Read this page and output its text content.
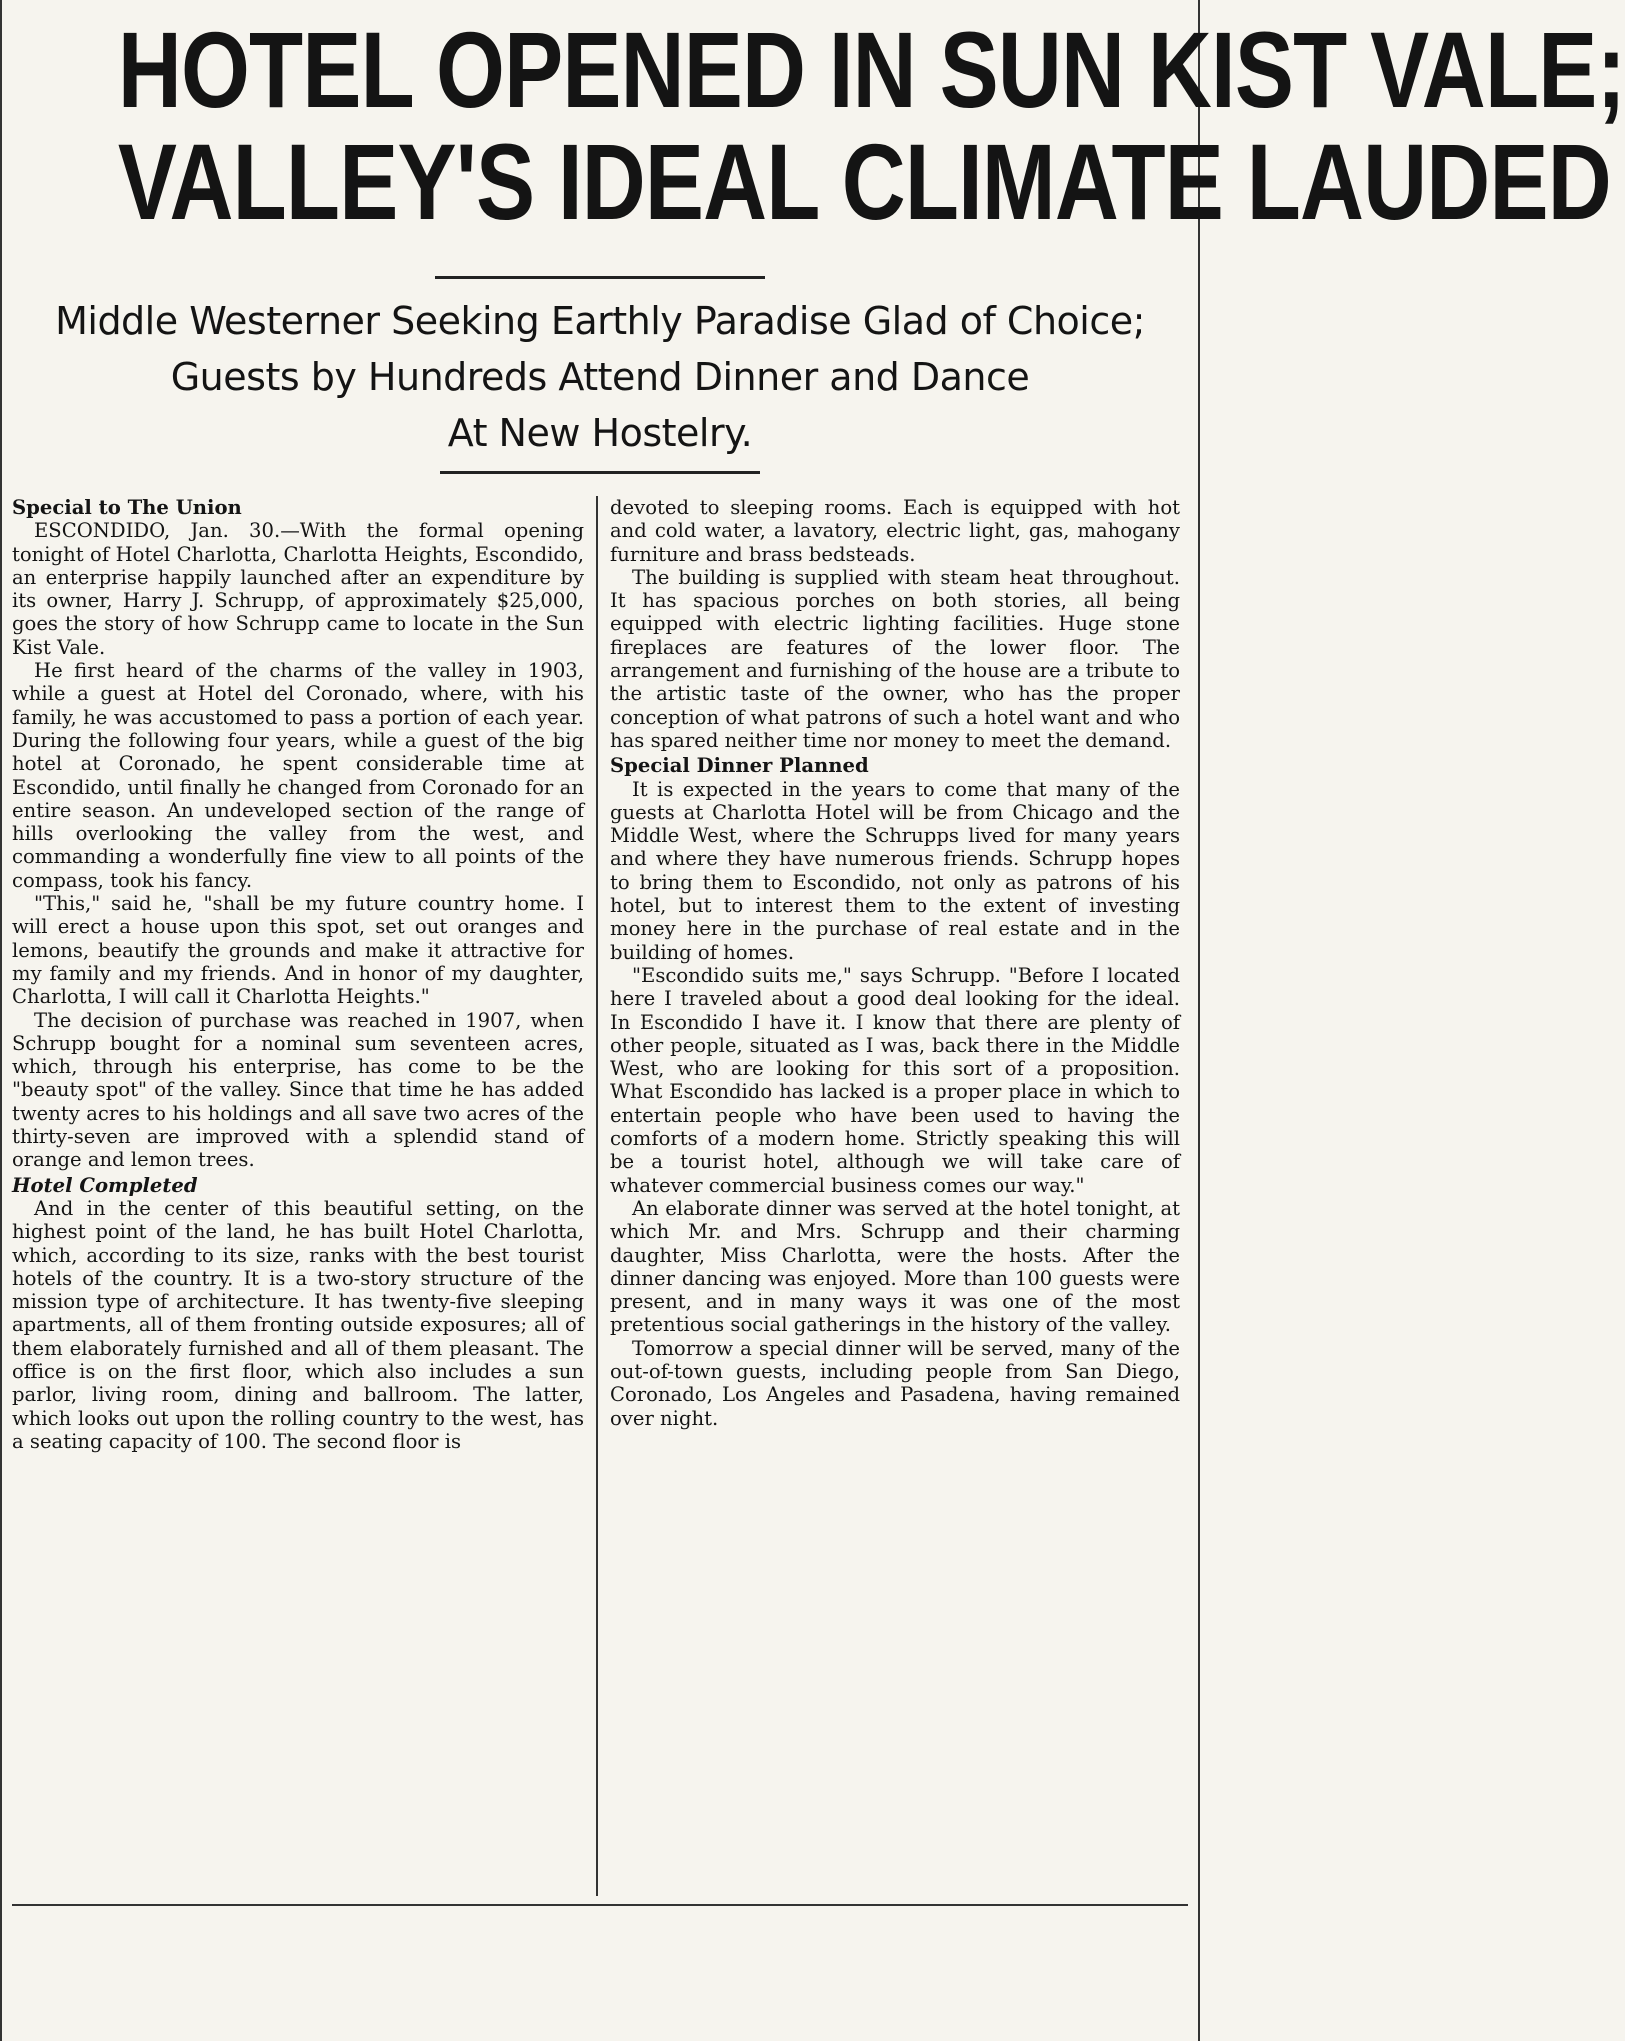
HOTEL OPENED IN SUN KIST VALE;
VALLEY'S IDEAL CLIMATE LAUDED
Middle Westerner Seeking Earthly Paradise Glad of Choice;
Guests by Hundreds Attend Dinner and Dance
At New Hostelry.

Special to The Union

ESCONDIDO, Jan. 30.—With the formal opening tonight of Hotel Charlotta, Charlotta Heights, Escondido, an enterprise happily launched after an expenditure by its owner, Harry J. Schrupp, of approximately $25,000, goes the story of how Schrupp came to locate in the Sun Kist Vale.

He first heard of the charms of the valley in 1903, while a guest at Hotel del Coronado, where, with his family, he was accustomed to pass a portion of each year. During the following four years, while a guest of the big hotel at Coronado, he spent considerable time at Escondido, until finally he changed from Coronado for an entire season. An undeveloped section of the range of hills overlooking the valley from the west, and commanding a wonderfully fine view to all points of the compass, took his fancy.

"This," said he, "shall be my future country home. I will erect a house upon this spot, set out oranges and lemons, beautify the grounds and make it attractive for my family and my friends. And in honor of my daughter, Charlotta, I will call it Charlotta Heights."

The decision of purchase was reached in 1907, when Schrupp bought for a nominal sum seventeen acres, which, through his enterprise, has come to be the "beauty spot" of the valley. Since that time he has added twenty acres to his holdings and all save two acres of the thirty-seven are improved with a splendid stand of orange and lemon trees.

Hotel Completed

And in the center of this beautiful setting, on the highest point of the land, he has built Hotel Charlotta, which, according to its size, ranks with the best tourist hotels of the country. It is a two-story structure of the mission type of architecture. It has twenty-five sleeping apartments, all of them fronting outside exposures; all of them elaborately furnished and all of them pleasant. The office is on the first floor, which also includes a sun parlor, living room, dining and ballroom. The latter, which looks out upon the rolling country to the west, has a seating capacity of 100. The second floor is

devoted to sleeping rooms. Each is equipped with hot and cold water, a lavatory, electric light, gas, mahogany furniture and brass bedsteads.

The building is supplied with steam heat throughout. It has spacious porches on both stories, all being equipped with electric lighting facilities. Huge stone fireplaces are features of the lower floor. The arrangement and furnishing of the house are a tribute to the artistic taste of the owner, who has the proper conception of what patrons of such a hotel want and who has spared neither time nor money to meet the demand.

Special Dinner Planned

It is expected in the years to come that many of the guests at Charlotta Hotel will be from Chicago and the Middle West, where the Schrupps lived for many years and where they have numerous friends. Schrupp hopes to bring them to Escondido, not only as patrons of his hotel, but to interest them to the extent of investing money here in the purchase of real estate and in the building of homes.

"Escondido suits me," says Schrupp. "Before I located here I traveled about a good deal looking for the ideal. In Escondido I have it. I know that there are plenty of other people, situated as I was, back there in the Middle West, who are looking for this sort of a proposition. What Escondido has lacked is a proper place in which to entertain people who have been used to having the comforts of a modern home. Strictly speaking this will be a tourist hotel, although we will take care of whatever commercial business comes our way."

An elaborate dinner was served at the hotel tonight, at which Mr. and Mrs. Schrupp and their charming daughter, Miss Charlotta, were the hosts. After the dinner dancing was enjoyed. More than 100 guests were present, and in many ways it was one of the most pretentious social gatherings in the history of the valley.

Tomorrow a special dinner will be served, many of the out-of-town guests, including people from San Diego, Coronado, Los Angeles and Pasadena, having remained over night.
